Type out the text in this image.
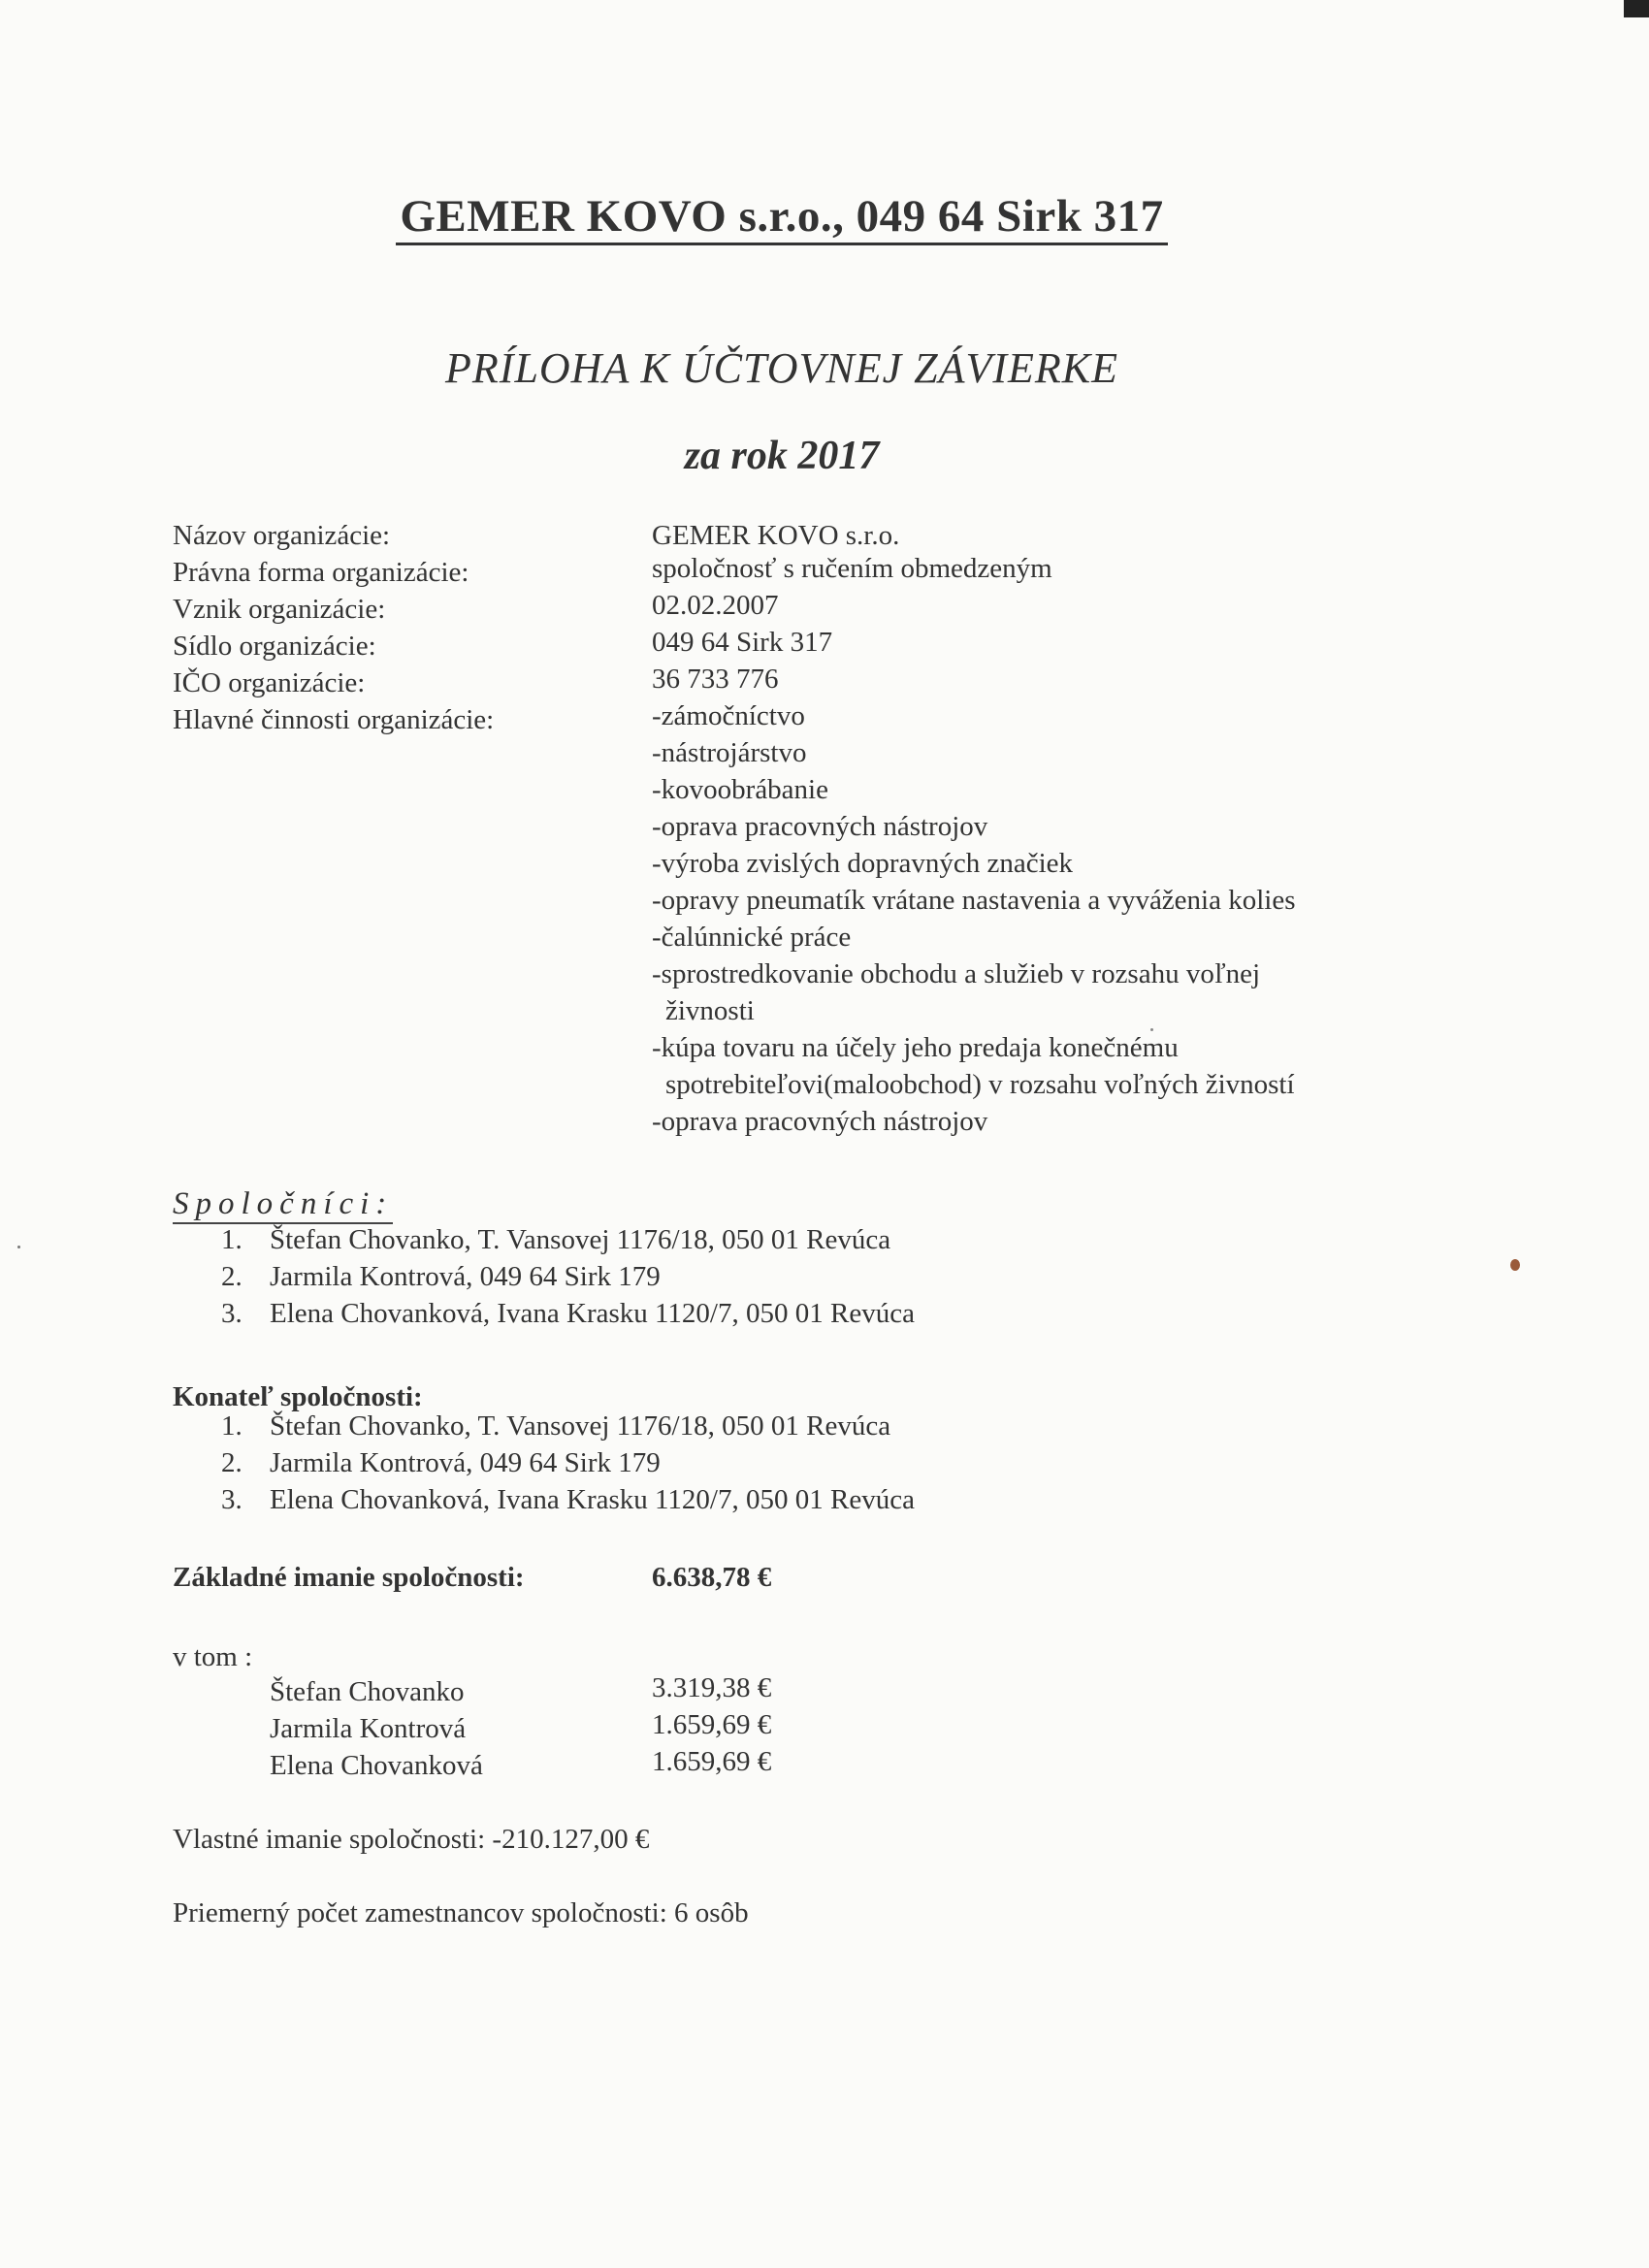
GEMER KOVO s.r.o., 049 64 Sirk 317
PRÍLOHA K ÚČTOVNEJ ZÁVIERKE
za rok 2017
Názov organizácie:	GEMER KOVO s.r.o.
Právna forma organizácie:	spoločnosť s ručením obmedzeným
Vznik organizácie:	02.02.2007
Sídlo organizácie:	049 64 Sirk 317
IČO organizácie:	36 733 776
Hlavné činnosti organizácie:	-zámočníctvo
-nástrojárstvo
-kovoobrábanie
-oprava pracovných nástrojov
-výroba zvislých dopravných značiek
-opravy pneumatík vrátane nastavenia a vyváženia kolies
-čalúnnické práce
-sprostredkovanie obchodu a služieb v rozsahu voľnej
živnosti
-kúpa tovaru na účely jeho predaja konečnému
spotrebiteľovi(maloobchod) v rozsahu voľných živností
-oprava pracovných nástrojov
Spoločníci:
1. Štefan Chovanko, T. Vansovej 1176/18, 050 01 Revúca
2. Jarmila Kontrová, 049 64 Sirk 179
3. Elena Chovanková, Ivana Krasku 1120/7, 050 01 Revúca
Konateľ spoločnosti:
1. Štefan Chovanko, T. Vansovej 1176/18, 050 01 Revúca
2. Jarmila Kontrová, 049 64 Sirk 179
3. Elena Chovanková, Ivana Krasku 1120/7, 050 01 Revúca
Základné imanie spoločnosti:	6.638,78 €
v tom :
Štefan Chovanko	3.319,38 €
Jarmila Kontrová	1.659,69 €
Elena Chovanková	1.659,69 €
Vlastné imanie spoločnosti: -210.127,00 €
Priemerný počet zamestnancov spoločnosti: 6 osôb
